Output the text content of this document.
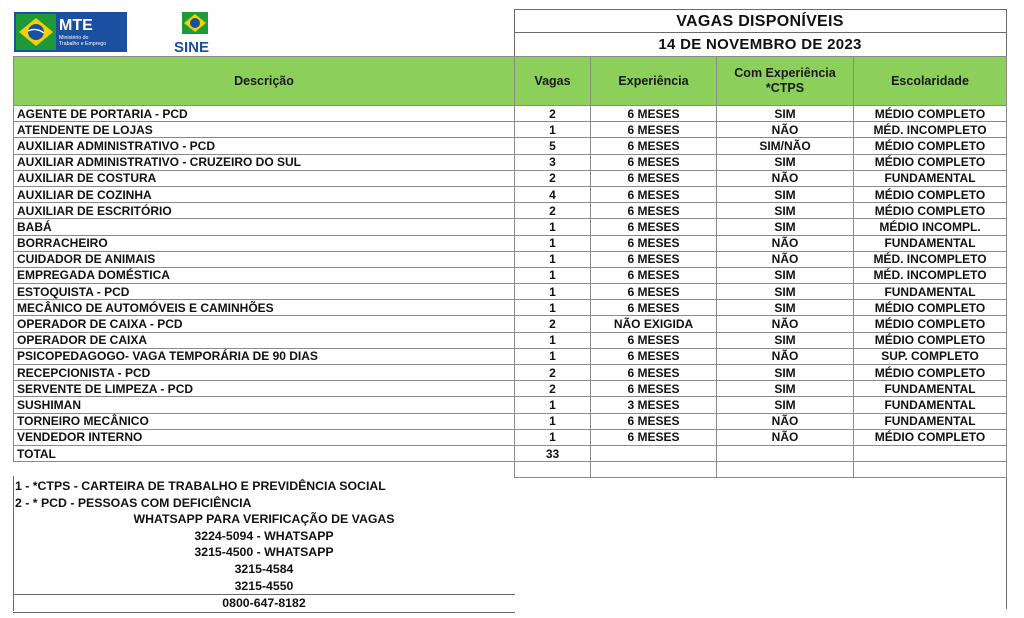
MTE
Ministério do
Trabalho e Emprego	SINE
VAGAS DISPONÍVEIS
14 DE NOVEMBRO DE 2023
Descrição	Vagas	Experiência	Com Experiência *CTPS	Escolaridade
AGENTE DE PORTARIA - PCD	2	6 MESES	SIM	MÉDIO COMPLETO
ATENDENTE DE LOJAS	1	6 MESES	NÃO	MÉD. INCOMPLETO
AUXILIAR ADMINISTRATIVO - PCD	5	6 MESES	SIM/NÃO	MÉDIO COMPLETO
AUXILIAR ADMINISTRATIVO - CRUZEIRO DO SUL	3	6 MESES	SIM	MÉDIO COMPLETO
AUXILIAR DE COSTURA	2	6 MESES	NÃO	FUNDAMENTAL
AUXILIAR DE COZINHA	4	6 MESES	SIM	MÉDIO COMPLETO
AUXILIAR DE ESCRITÓRIO	2	6 MESES	SIM	MÉDIO COMPLETO
BABÁ	1	6 MESES	SIM	MÉDIO INCOMPL.
BORRACHEIRO	1	6 MESES	NÃO	FUNDAMENTAL
CUIDADOR DE ANIMAIS	1	6 MESES	NÃO	MÉD. INCOMPLETO
EMPREGADA DOMÉSTICA	1	6 MESES	SIM	MÉD. INCOMPLETO
ESTOQUISTA - PCD	1	6 MESES	SIM	FUNDAMENTAL
MECÂNICO DE AUTOMÓVEIS E CAMINHÕES	1	6 MESES	SIM	MÉDIO COMPLETO
OPERADOR DE CAIXA - PCD	2	NÃO EXIGIDA	NÃO	MÉDIO COMPLETO
OPERADOR DE CAIXA	1	6 MESES	SIM	MÉDIO COMPLETO
PSICOPEDAGOGO- VAGA TEMPORÁRIA DE 90 DIAS	1	6 MESES	NÃO	SUP. COMPLETO
RECEPCIONISTA - PCD	2	6 MESES	SIM	MÉDIO COMPLETO
SERVENTE DE LIMPEZA - PCD	2	6 MESES	SIM	FUNDAMENTAL
SUSHIMAN	1	3 MESES	SIM	FUNDAMENTAL
TORNEIRO MECÂNICO	1	6 MESES	NÃO	FUNDAMENTAL
VENDEDOR INTERNO	1	6 MESES	NÃO	MÉDIO COMPLETO
TOTAL	33			

1 - *CTPS - CARTEIRA DE TRABALHO E PREVIDÊNCIA SOCIAL
2 - * PCD - PESSOAS COM DEFICIÊNCIA
WHATSAPP PARA VERIFICAÇÃO DE VAGAS
3224-5094 - WHATSAPP
3215-4500 - WHATSAPP
3215-4584
3215-4550
0800-647-8182
